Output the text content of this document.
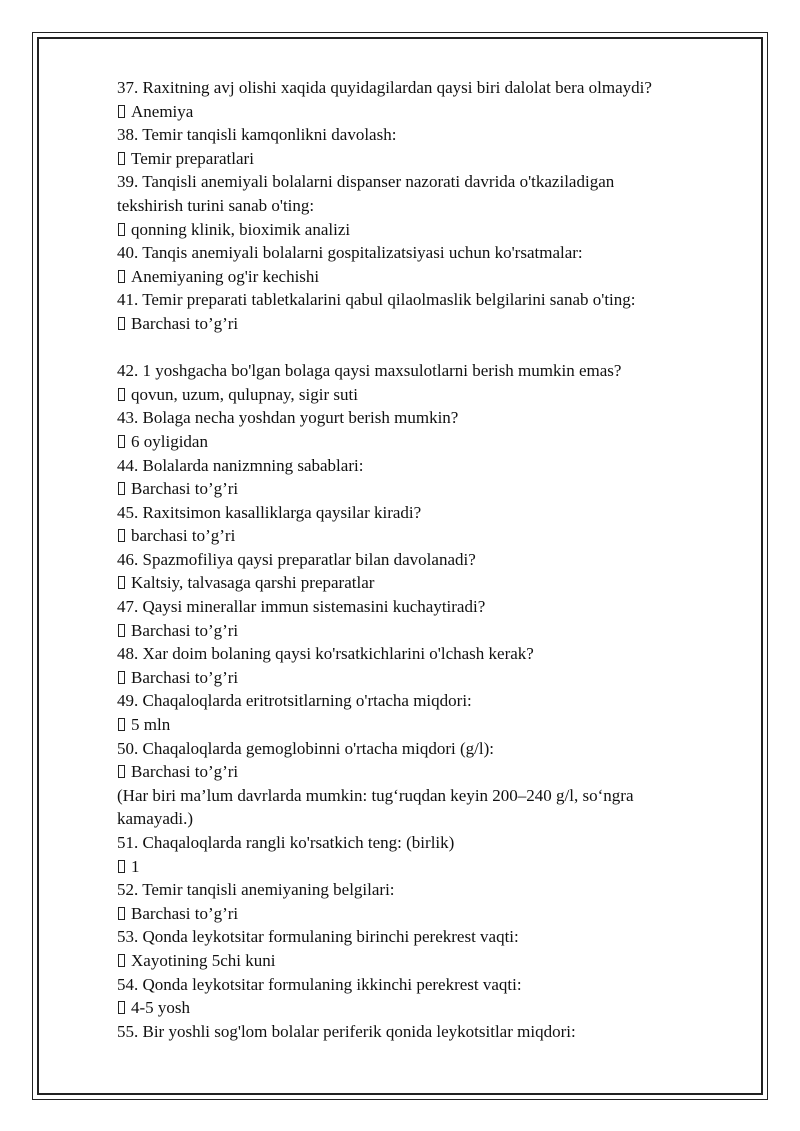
37. Raxitning avj olishi xaqida quyidagilardan qaysi biri dalolat bera olmaydi?

Anemiya

38. Temir tanqisli kamqonlikni davolash:

Temir preparatlari

39. Tanqisli anemiyali bolalarni dispanser nazorati davrida o'tkaziladigan tekshirish turini sanab o'ting:

qonning klinik, bioximik analizi

40. Tanqis anemiyali bolalarni gospitalizatsiyasi uchun ko'rsatmalar:

Anemiyaning og'ir kechishi

41. Temir preparati tabletkalarini qabul qilaolmaslik belgilarini sanab o'ting:

Barchasi to’g’ri

42. 1 yoshgacha bo'lgan bolaga qaysi maxsulotlarni berish mumkin emas?

qovun, uzum, qulupnay, sigir suti

43. Bolaga necha yoshdan yogurt berish mumkin?

6 oyligidan

44. Bolalarda nanizmning sabablari:

Barchasi to’g’ri

45. Raxitsimon kasalliklarga qaysilar kiradi?

barchasi to’g’ri

46. Spazmofiliya qaysi preparatlar bilan davolanadi?

Kaltsiy, talvasaga qarshi preparatlar

47. Qaysi minerallar immun sistemasini kuchaytiradi?

Barchasi to’g’ri

48. Xar doim bolaning qaysi ko'rsatkichlarini o'lchash kerak?

Barchasi to’g’ri

49. Chaqaloqlarda eritrotsitlarning o'rtacha miqdori:

5 mln

50. Chaqaloqlarda gemoglobinni o'rtacha miqdori (g/l):

Barchasi to’g’ri

(Har biri ma’lum davrlarda mumkin: tug‘ruqdan keyin 200–240 g/l, so‘ngra kamayadi.)

51. Chaqaloqlarda rangli ko'rsatkich teng: (birlik)

1

52. Temir tanqisli anemiyaning belgilari:

Barchasi to’g’ri

53. Qonda leykotsitar formulaning birinchi perekrest vaqti:

Xayotining 5chi kuni

54. Qonda leykotsitar formulaning ikkinchi perekrest vaqti:

4-5 yosh

55. Bir yoshli sog'lom bolalar periferik qonida leykotsitlar miqdori:
